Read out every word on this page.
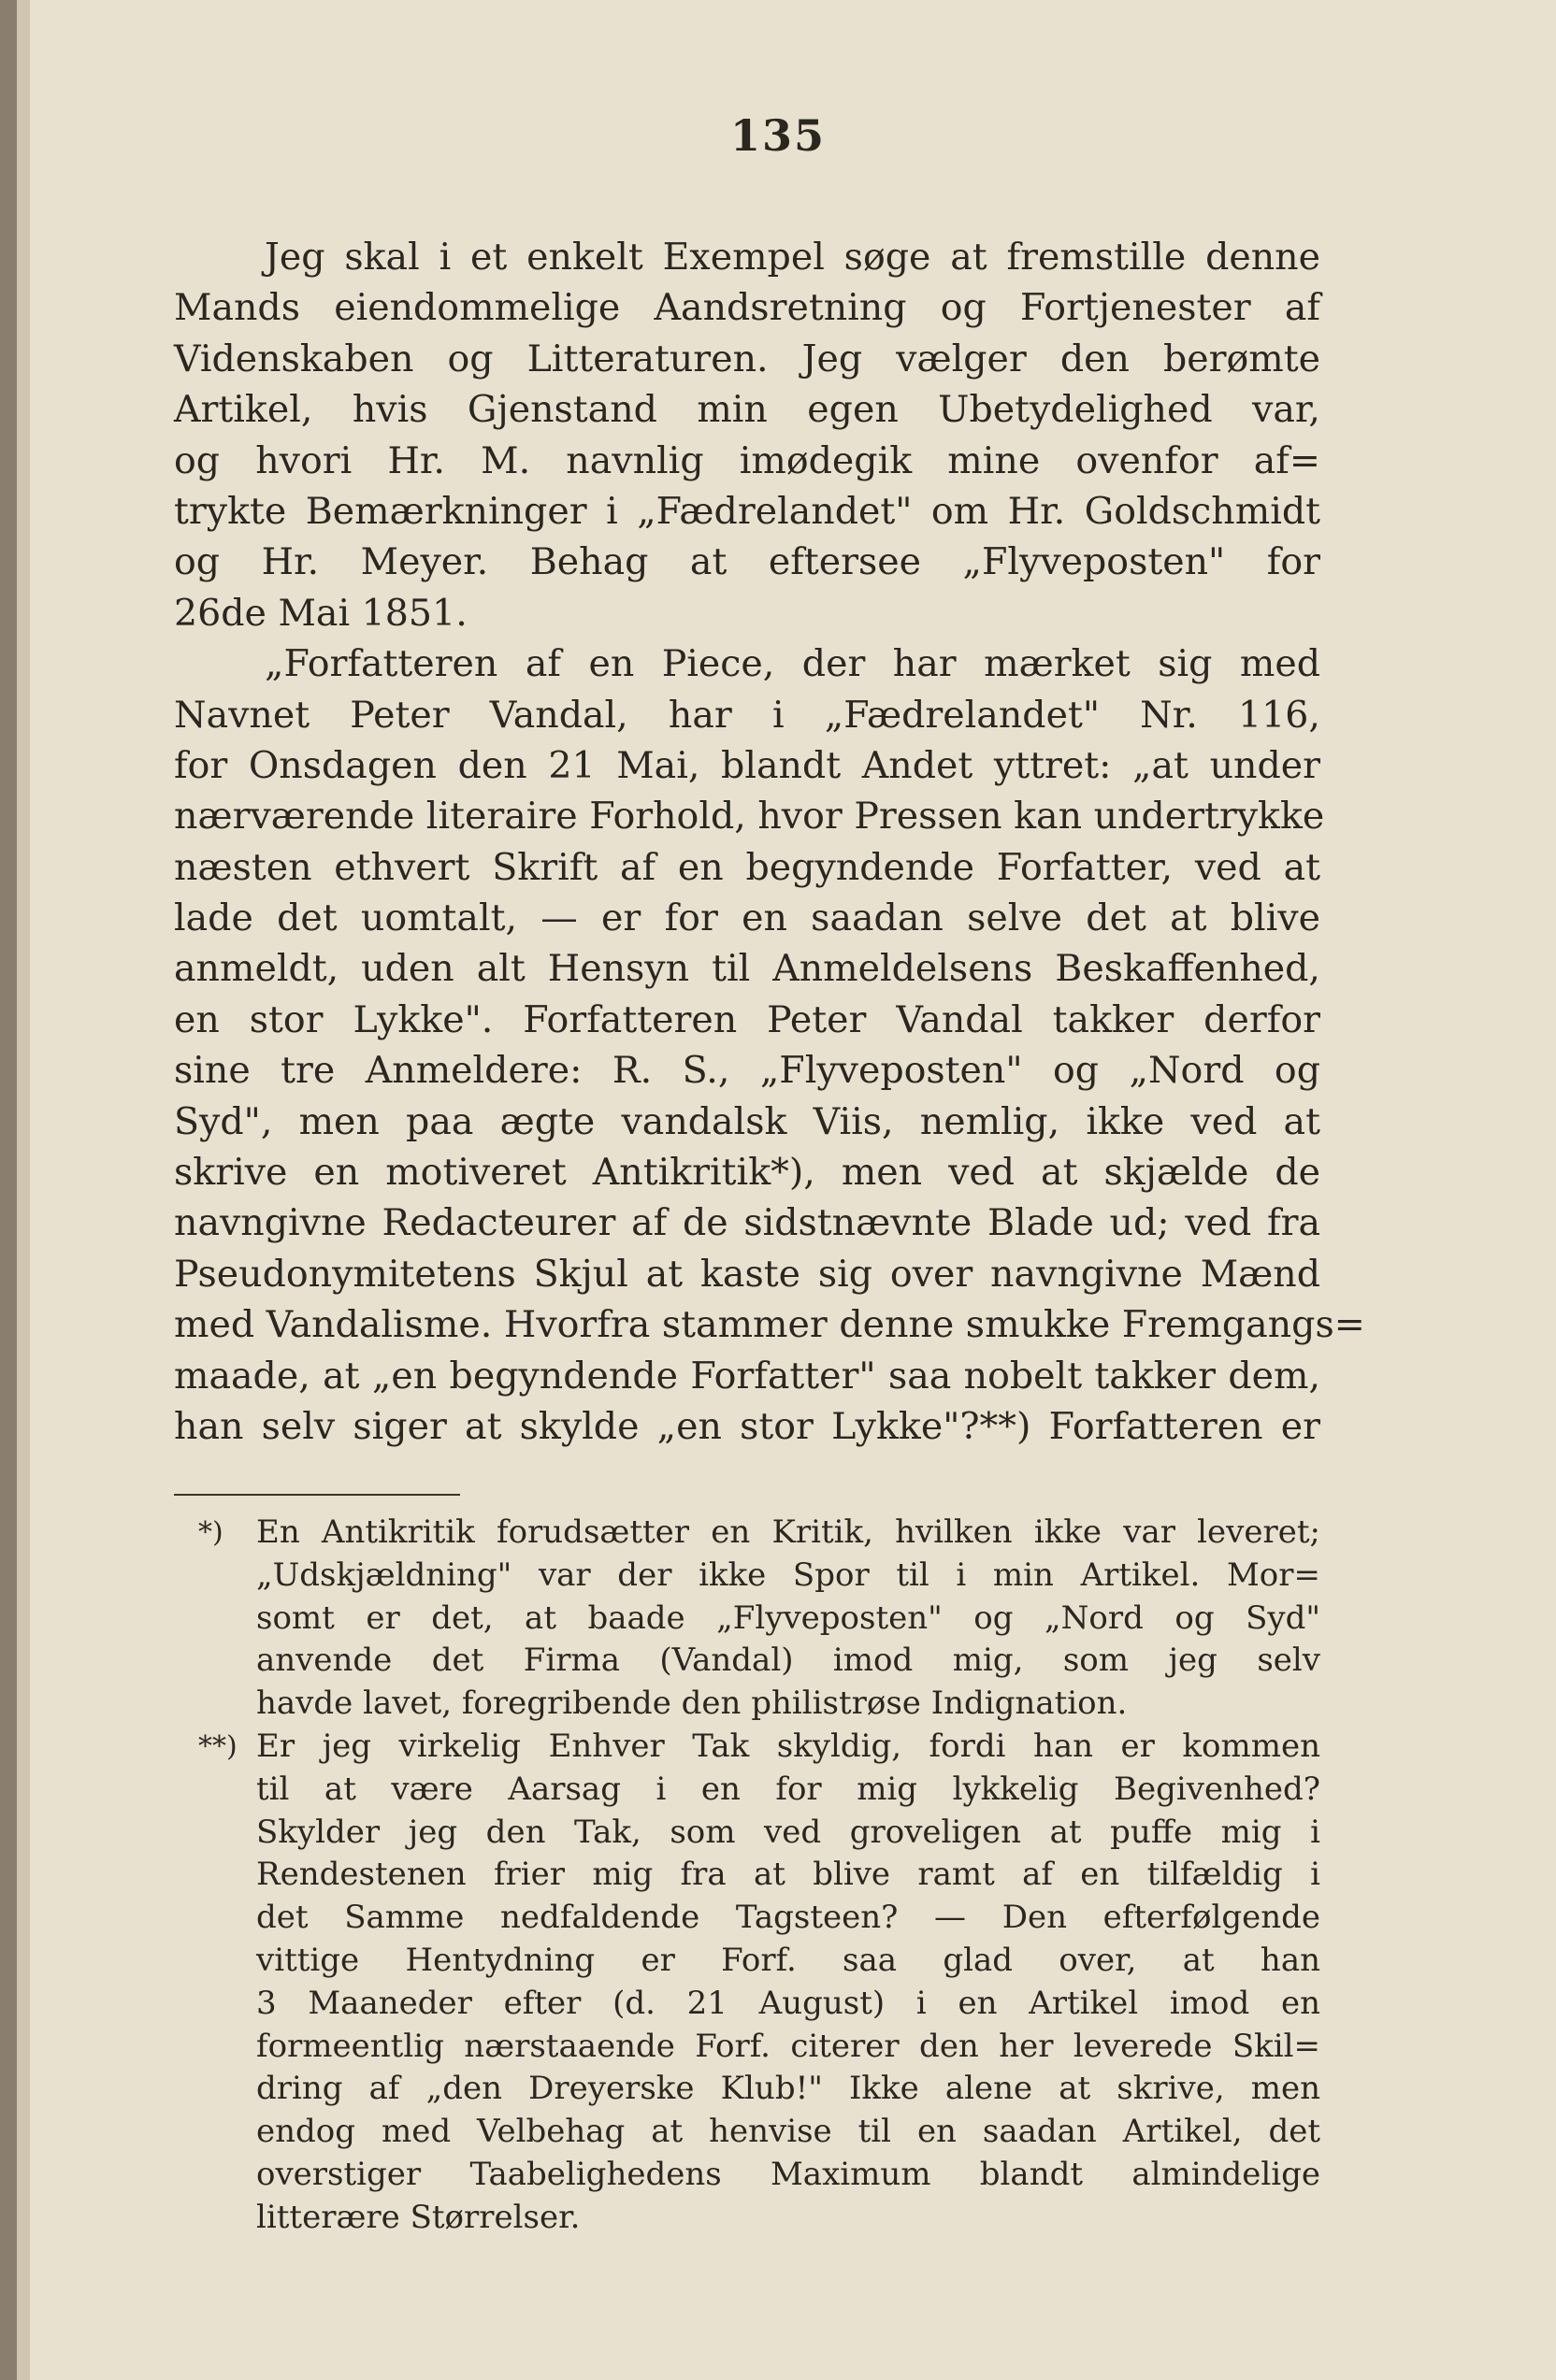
135
Jeg skal i et enkelt Exempel søge at fremstille denne
Mands eiendommelige Aandsretning og Fortjenester af
Videnskaben og Litteraturen. Jeg vælger den berømte
Artikel, hvis Gjenstand min egen Ubetydelighed var,
og hvori Hr. M. navnlig imødegik mine ovenfor af=
trykte Bemærkninger i „Fædrelandet" om Hr. Goldschmidt
og Hr. Meyer. Behag at eftersee „Flyveposten" for
26de Mai 1851.
„Forfatteren af en Piece, der har mærket sig med
Navnet Peter Vandal, har i „Fædrelandet" Nr. 116,
for Onsdagen den 21 Mai, blandt Andet yttret: „at under
nærværende literaire Forhold, hvor Pressen kan undertrykke
næsten ethvert Skrift af en begyndende Forfatter, ved at
lade det uomtalt, — er for en saadan selve det at blive
anmeldt, uden alt Hensyn til Anmeldelsens Beskaffenhed,
en stor Lykke". Forfatteren Peter Vandal takker derfor
sine tre Anmeldere: R. S., „Flyveposten" og „Nord og
Syd", men paa ægte vandalsk Viis, nemlig, ikke ved at
skrive en motiveret Antikritik*), men ved at skjælde de
navngivne Redacteurer af de sidstnævnte Blade ud; ved fra
Pseudonymitetens Skjul at kaste sig over navngivne Mænd
med Vandalisme. Hvorfra stammer denne smukke Fremgangs=
maade, at „en begyndende Forfatter" saa nobelt takker dem,
han selv siger at skylde „en stor Lykke"?**) Forfatteren er
*) En Antikritik forudsætter en Kritik, hvilken ikke var leveret;
„Udskjældning" var der ikke Spor til i min Artikel. Mor=
somt er det, at baade „Flyveposten" og „Nord og Syd"
anvende det Firma (Vandal) imod mig, som jeg selv
havde lavet, foregribende den philistrøse Indignation.
**) Er jeg virkelig Enhver Tak skyldig, fordi han er kommen
til at være Aarsag i en for mig lykkelig Begivenhed?
Skylder jeg den Tak, som ved groveligen at puffe mig i
Rendestenen frier mig fra at blive ramt af en tilfældig i
det Samme nedfaldende Tagsteen? — Den efterfølgende
vittige Hentydning er Forf. saa glad over, at han
3 Maaneder efter (d. 21 August) i en Artikel imod en
formeentlig nærstaaende Forf. citerer den her leverede Skil=
dring af „den Dreyerske Klub!" Ikke alene at skrive, men
endog med Velbehag at henvise til en saadan Artikel, det
overstiger Taabelighedens Maximum blandt almindelige
litterære Størrelser.
